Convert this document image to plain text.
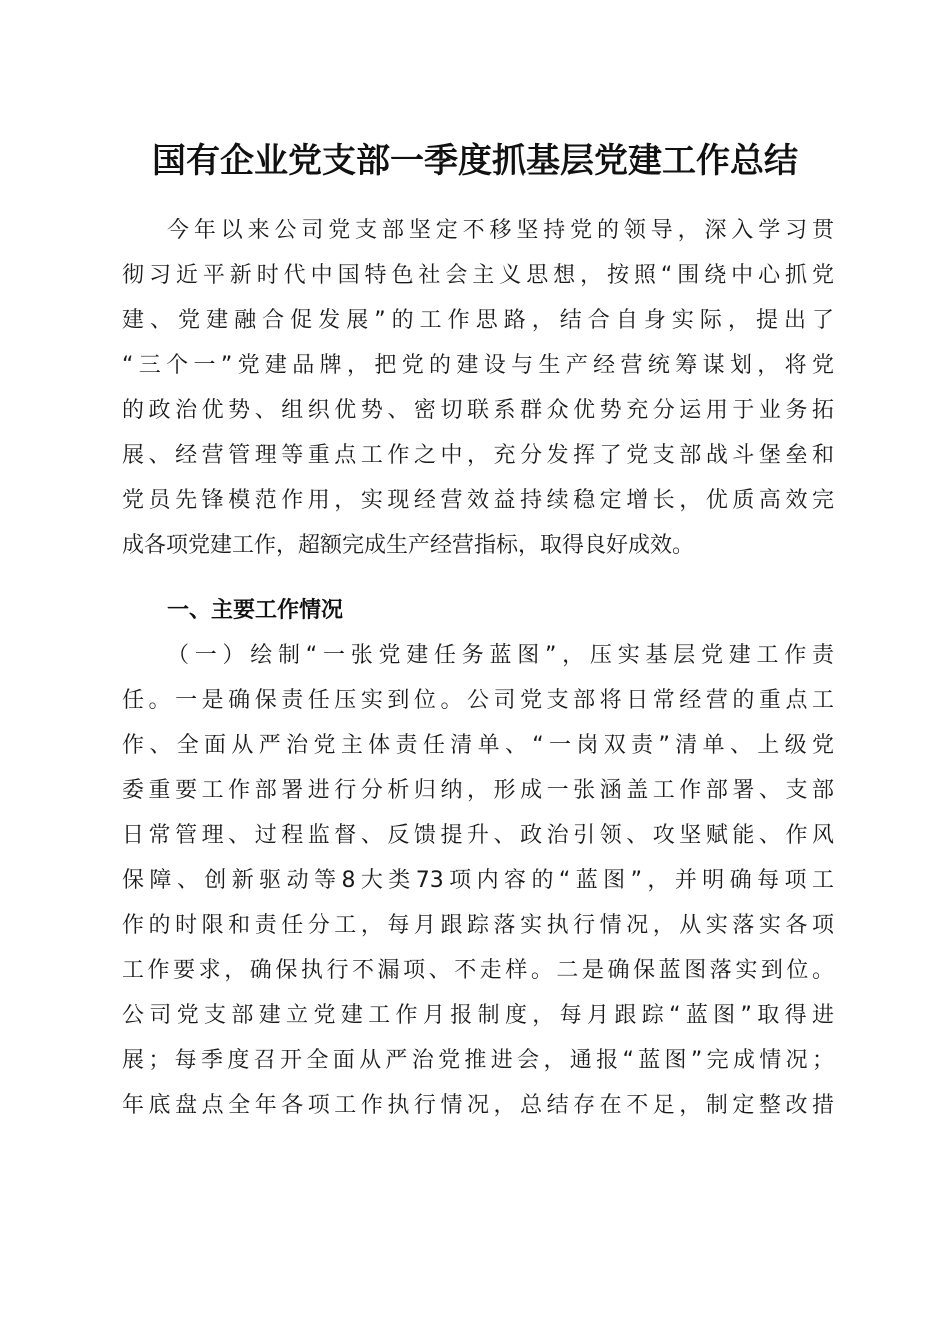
国有企业党支部一季度抓基层党建工作总结
今年以来公司党支部坚定不移坚持党的领导，深入学习贯
彻习近平新时代中国特色社会主义思想，按照“围绕中心抓党
建、党建融合促发展”的工作思路，结合自身实际，提出了
“三个一”党建品牌，把党的建设与生产经营统筹谋划，将党
的政治优势、组织优势、密切联系群众优势充分运用于业务拓
展、经营管理等重点工作之中，充分发挥了党支部战斗堡垒和
党员先锋模范作用，实现经营效益持续稳定增长，优质高效完
成各项党建工作，超额完成生产经营指标，取得良好成效。
一、主要工作情况
（一）绘制“一张党建任务蓝图”，压实基层党建工作责
任。一是确保责任压实到位。公司党支部将日常经营的重点工
作、全面从严治党主体责任清单、“一岗双责”清单、上级党
委重要工作部署进行分析归纳，形成一张涵盖工作部署、支部
日常管理、过程监督、反馈提升、政治引领、攻坚赋能、作风
保障、创新驱动等8大类73项内容的“蓝图”，并明确每项工
作的时限和责任分工，每月跟踪落实执行情况，从实落实各项
工作要求，确保执行不漏项、不走样。二是确保蓝图落实到位。
公司党支部建立党建工作月报制度，每月跟踪“蓝图”取得进
展；每季度召开全面从严治党推进会，通报“蓝图”完成情况；
年底盘点全年各项工作执行情况，总结存在不足，制定整改措
